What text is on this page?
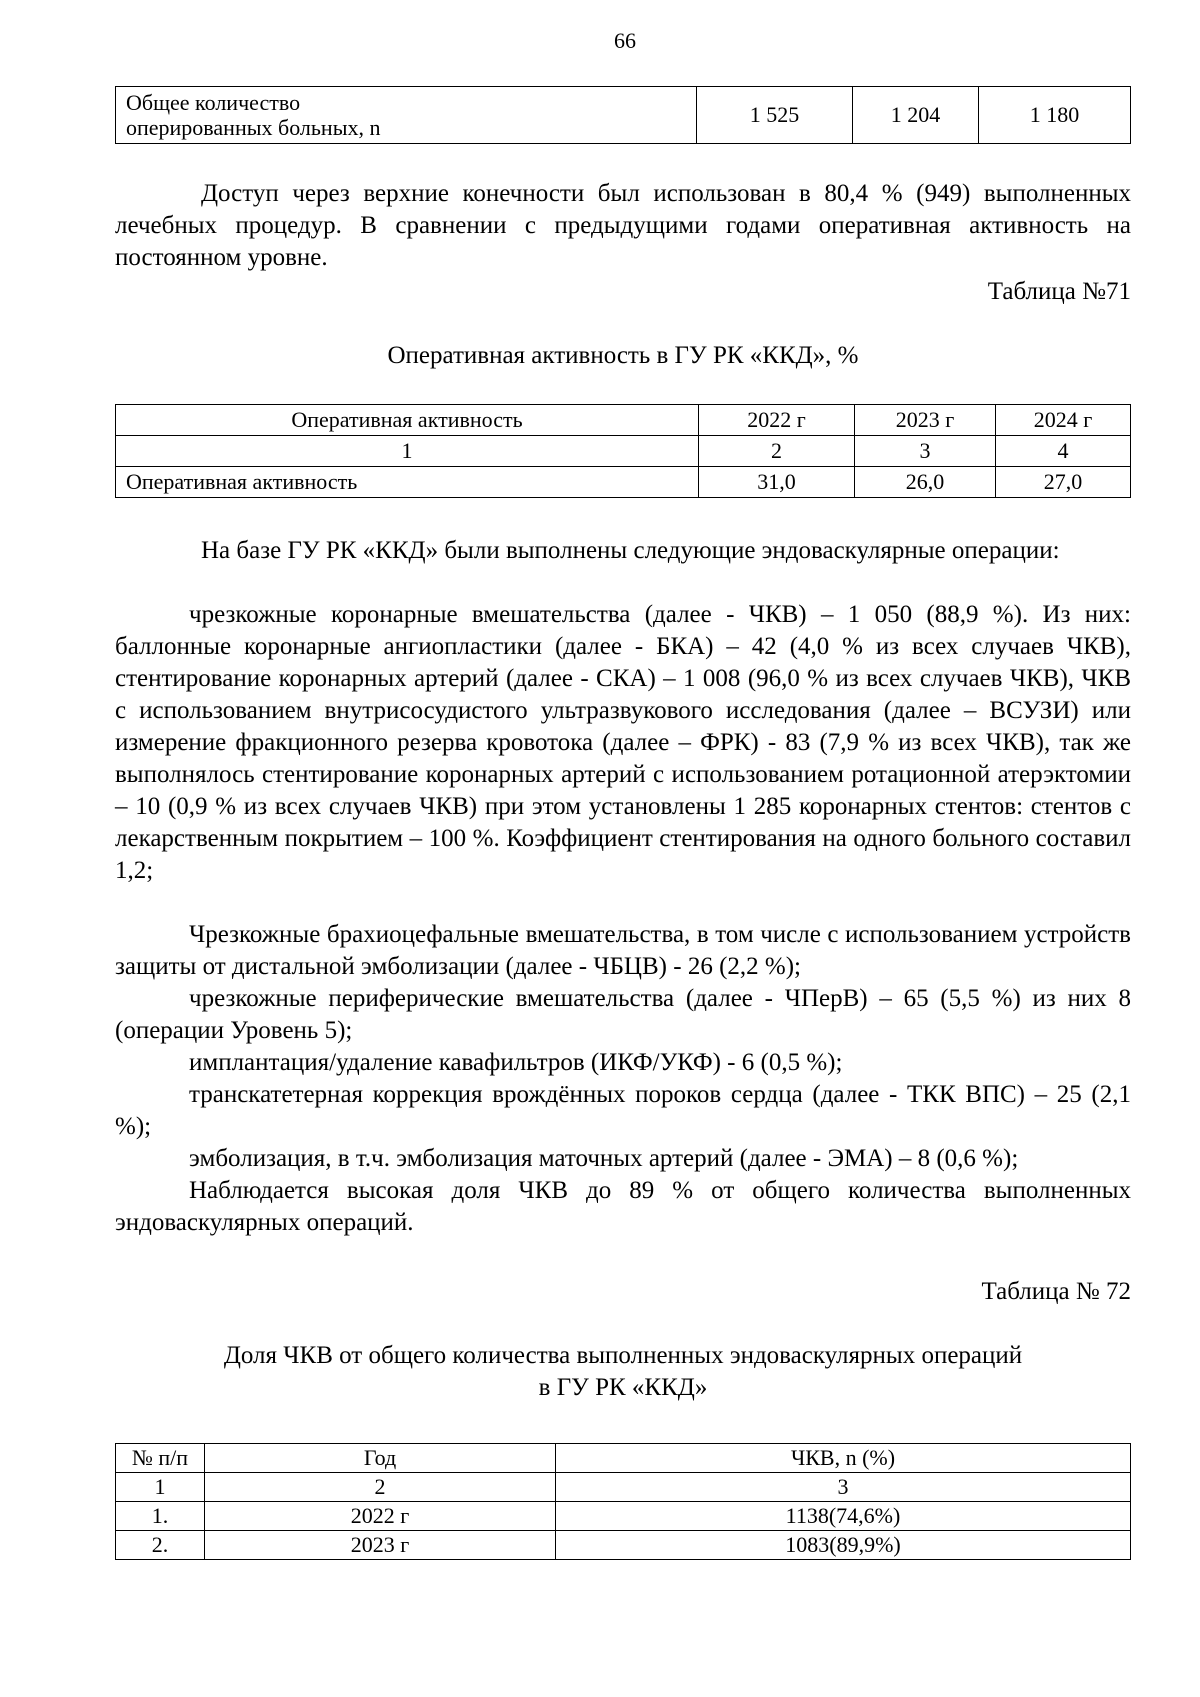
66
Общее количество
оперированных больных, n
	1 525	1 204	1 180

Доступ через верхние конечности был использован в 80,4 % (949) выполненных лечебных процедур. В сравнении с предыдущими годами оперативная активность на постоянном уровне.

Таблица №71
Оперативная активность в ГУ РК «ККД», %
Оперативная активность	2022 г	2023 г	2024 г
1	2	3	4
Оперативная активность	31,0	26,0	27,0

На базе ГУ РК «ККД» были выполнены следующие эндоваскулярные операции:

чрезкожные коронарные вмешательства (далее - ЧКВ) – 1 050 (88,9 %). Из них: баллонные коронарные ангиопластики (далее - БКА) – 42 (4,0 % из всех случаев ЧКВ), стентирование коронарных артерий (далее - СКА) – 1 008 (96,0 % из всех случаев ЧКВ), ЧКВ с использованием внутрисосудистого ультразвукового исследования (далее – ВСУЗИ) или измерение фракционного резерва кровотока (далее – ФРК) - 83 (7,9 % из всех ЧКВ), так же выполнялось стентирование коронарных артерий с использованием ротационной атерэктомии – 10 (0,9 % из всех случаев ЧКВ) при этом установлены 1 285 коронарных стентов: стентов с лекарственным покрытием – 100 %. Коэффициент стентирования на одного больного составил 1,2;

Чрезкожные брахиоцефальные вмешательства, в том числе с использованием устройств защиты от дистальной эмболизации (далее - ЧБЦВ) - 26 (2,2 %);

чрезкожные периферические вмешательства (далее - ЧПерВ) – 65 (5,5 %) из них 8 (операции Уровень 5);

имплантация/удаление кавафильтров (ИКФ/УКФ) - 6 (0,5 %);

транскатетерная коррекция врождённых пороков сердца (далее - ТКК ВПС) – 25 (2,1 %);

эмболизация, в т.ч. эмболизация маточных артерий (далее - ЭМА) – 8 (0,6 %);

Наблюдается высокая доля ЧКВ до 89 % от общего количества выполненных эндоваскулярных операций.

Таблица № 72
Доля ЧКВ от общего количества выполненных эндоваскулярных операций
в ГУ РК «ККД»
№ п/п	Год	ЧКВ, n (%)
1	2	3
1.	2022 г	1138(74,6%)
2.	2023 г	1083(89,9%)
